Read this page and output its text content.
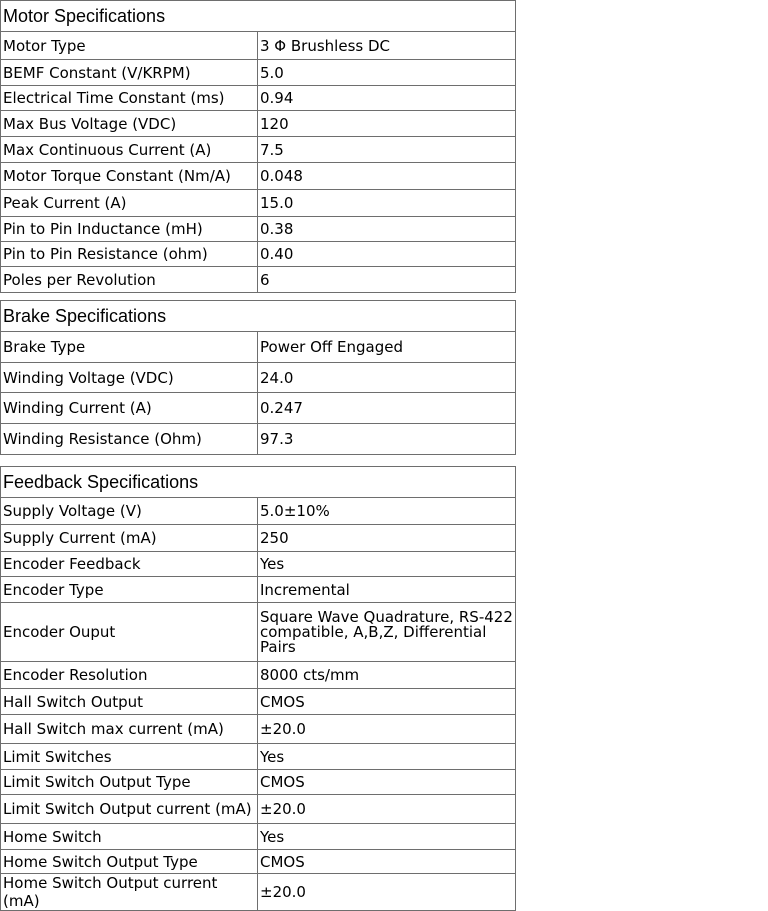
Motor Specifications	
Motor Type	3 Φ Brushless DC
BEMF Constant (V/KRPM)	5.0
Electrical Time Constant (ms)	0.94
Max Bus Voltage (VDC)	120
Max Continuous Current (A)	7.5
Motor Torque Constant (Nm/A)	0.048
Peak Current (A)	15.0
Pin to Pin Inductance (mH)	0.38
Pin to Pin Resistance (ohm)	0.40
Poles per Revolution	6
Brake Specifications	
Brake Type	Power Off Engaged
Winding Voltage (VDC)	24.0
Winding Current (A)	0.247
Winding Resistance (Ohm)	97.3
Feedback Specifications	
Supply Voltage (V)	5.0±10%
Supply Current (mA)	250
Encoder Feedback	Yes
Encoder Type	Incremental
Encoder Ouput	Square Wave Quadrature, RS-422 compatible, A,B,Z, Differential Pairs
Encoder Resolution	8000 cts/mm
Hall Switch Output	CMOS
Hall Switch max current (mA)	±20.0
Limit Switches	Yes
Limit Switch Output Type	CMOS
Limit Switch Output current (mA)	±20.0
Home Switch	Yes
Home Switch Output Type	CMOS
Home Switch Output current (mA)	±20.0
